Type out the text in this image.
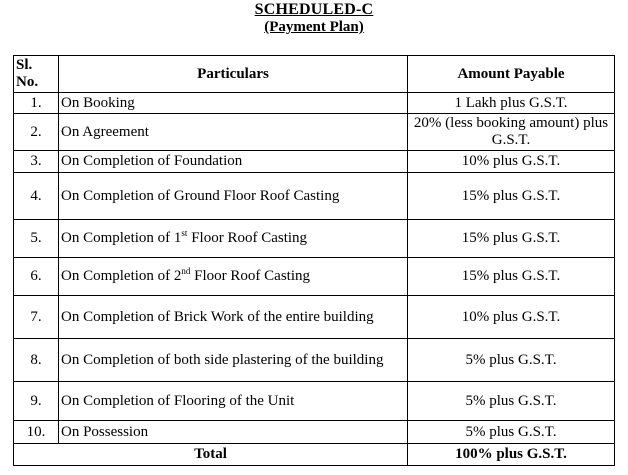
SCHEDULED-C
(Payment Plan)
Sl.
No.	Particulars	Amount Payable
1.	On Booking	1 Lakh plus G.S.T.
2.	On Agreement	20% (less booking amount) plus G.S.T.
3.	On Completion of Foundation	10% plus G.S.T.
4.	On Completion of Ground Floor Roof Casting	15% plus G.S.T.
5.	On Completion of 1st Floor Roof Casting	15% plus G.S.T.
6.	On Completion of 2nd Floor Roof Casting	15% plus G.S.T.
7.	On Completion of Brick Work of the entire building	10% plus G.S.T.
8.	On Completion of both side plastering of the building	5% plus G.S.T.
9.	On Completion of Flooring of the Unit	5% plus G.S.T.
10.	On Possession	5% plus G.S.T.
Total		100% plus G.S.T.
